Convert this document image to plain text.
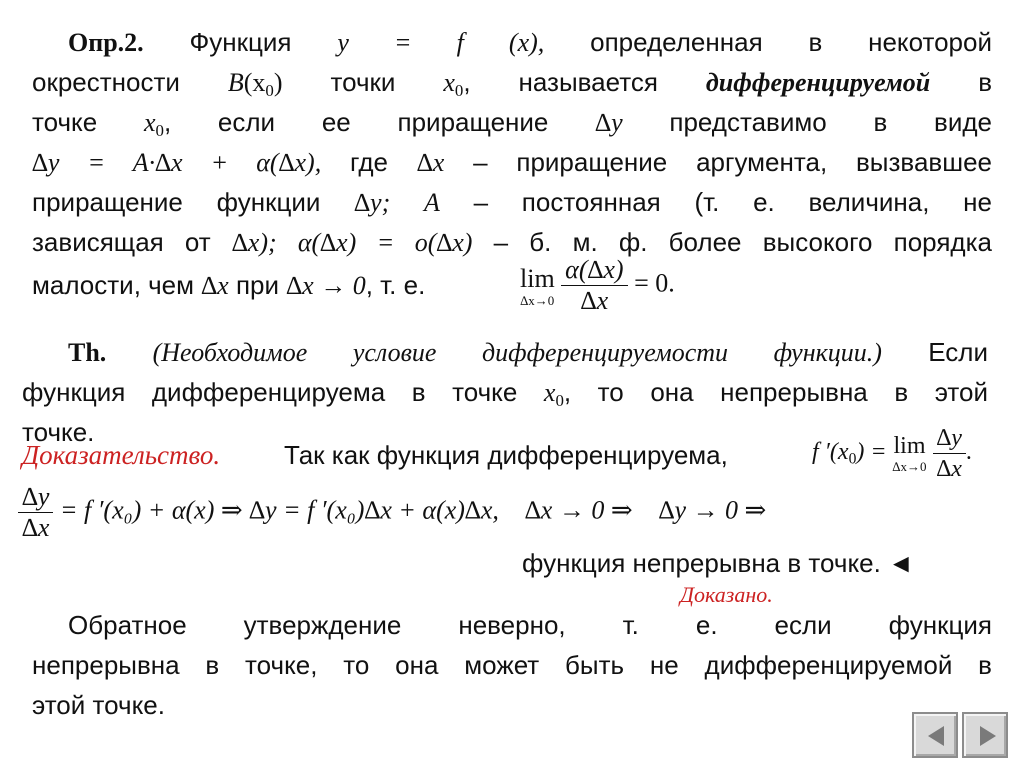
Опр.2. Функция y = f (x), определенная в некоторой
окрестности $B(x_0)$ точки $x_0$, называется дифференцируемой в
точке $x_0$, если ее приращение ∆y представимо в виде
∆y = A·∆x + α(∆x), где ∆x – приращение аргумента, вызвавшее
приращение функции ∆y; A – постоянная (т. е. величина, не
зависящая от ∆x); α(∆x) = o(∆x) – б. м. ф. более высокого порядка
малости, чем ∆x при ∆x → 0, т. е.	lim
∆x→0
$\frac{\alpha(\Delta x)}{\Delta x} = 0$.
Th. (Необходимое условие дифференцируемости функции.) Если
функция дифференцируема в точке $x_0$, то она непрерывна в этой
точке.
Доказательство. Так как функция дифференцируема,	f $'(x_0) = \lim$
∆x→0
$\frac{\Delta y}{\Delta x}$ .
$\frac{\Delta y}{\Delta x} = f$ ′(x₀) + α(x) ⇒ ∆y = f ′(x₀)∆x + α(x)∆x,    ∆x → 0 ⇒    ∆y → 0 ⇒
функция непрерывна в точке. ◄
Доказано.
Обратное утверждение неверно, т. е. если функция
непрерывна в точке, то она может быть не дифференцируемой в
этой точке.
